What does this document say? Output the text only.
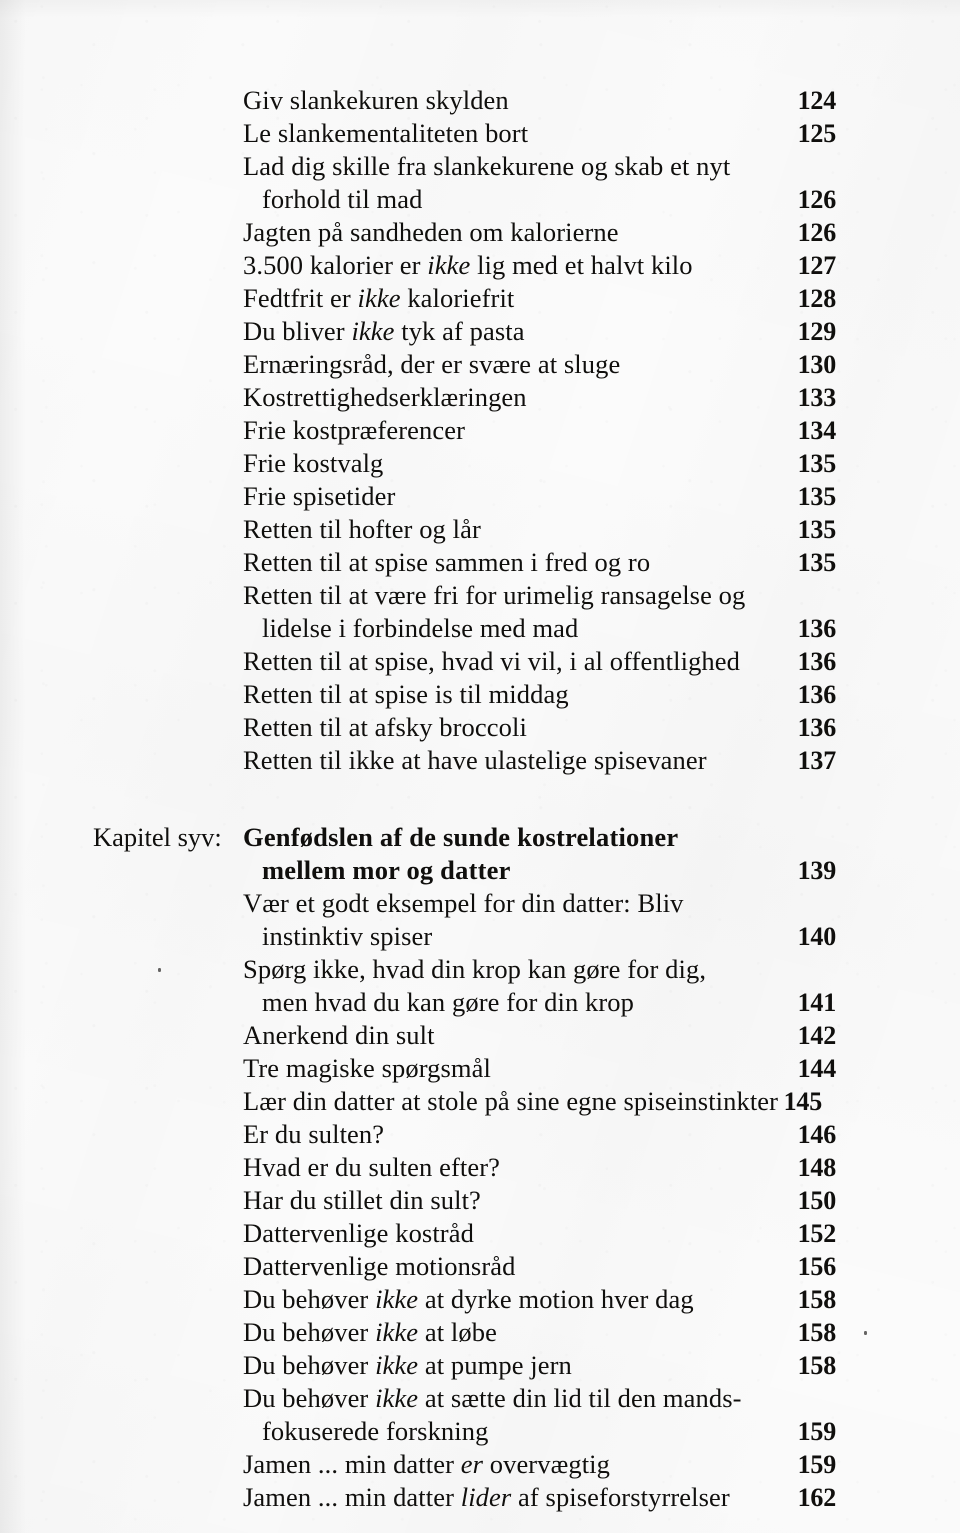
Giv slankekuren skylden	124
Le slankementaliteten bort	125
Lad dig skille fra slankekurene og skab et nyt
forhold til mad	126
Jagten på sandheden om kalorierne	126
3.500 kalorier er ikke lig med et halvt kilo	127
Fedtfrit er ikke kaloriefrit	128
Du bliver ikke tyk af pasta	129
Ernæringsråd, der er svære at sluge	130
Kostrettighedserklæringen	133
Frie kostpræferencer	134
Frie kostvalg	135
Frie spisetider	135
Retten til hofter og lår	135
Retten til at spise sammen i fred og ro	135
Retten til at være fri for urimelig ransagelse og
lidelse i forbindelse med mad	136
Retten til at spise, hvad vi vil, i al offentlighed	136
Retten til at spise is til middag	136
Retten til at afsky broccoli	136
Retten til ikke at have ulastelige spisevaner	137
Kapitel syv: Genfødslen af de sunde kostrelationer
mellem mor og datter	139
Vær et godt eksempel for din datter: Bliv
instinktiv spiser	140
Spørg ikke, hvad din krop kan gøre for dig,
men hvad du kan gøre for din krop	141
Anerkend din sult	142
Tre magiske spørgsmål	144
Lær din datter at stole på sine egne spiseinstinkter 145
Er du sulten?	146
Hvad er du sulten efter?	148
Har du stillet din sult?	150
Dattervenlige kostråd	152
Dattervenlige motionsråd	156
Du behøver ikke at dyrke motion hver dag	158
Du behøver ikke at løbe	158
Du behøver ikke at pumpe jern	158
Du behøver ikke at sætte din lid til den mands-
fokuserede forskning	159
Jamen ... min datter er overvægtig	159
Jamen ... min datter lider af spiseforstyrrelser	162
